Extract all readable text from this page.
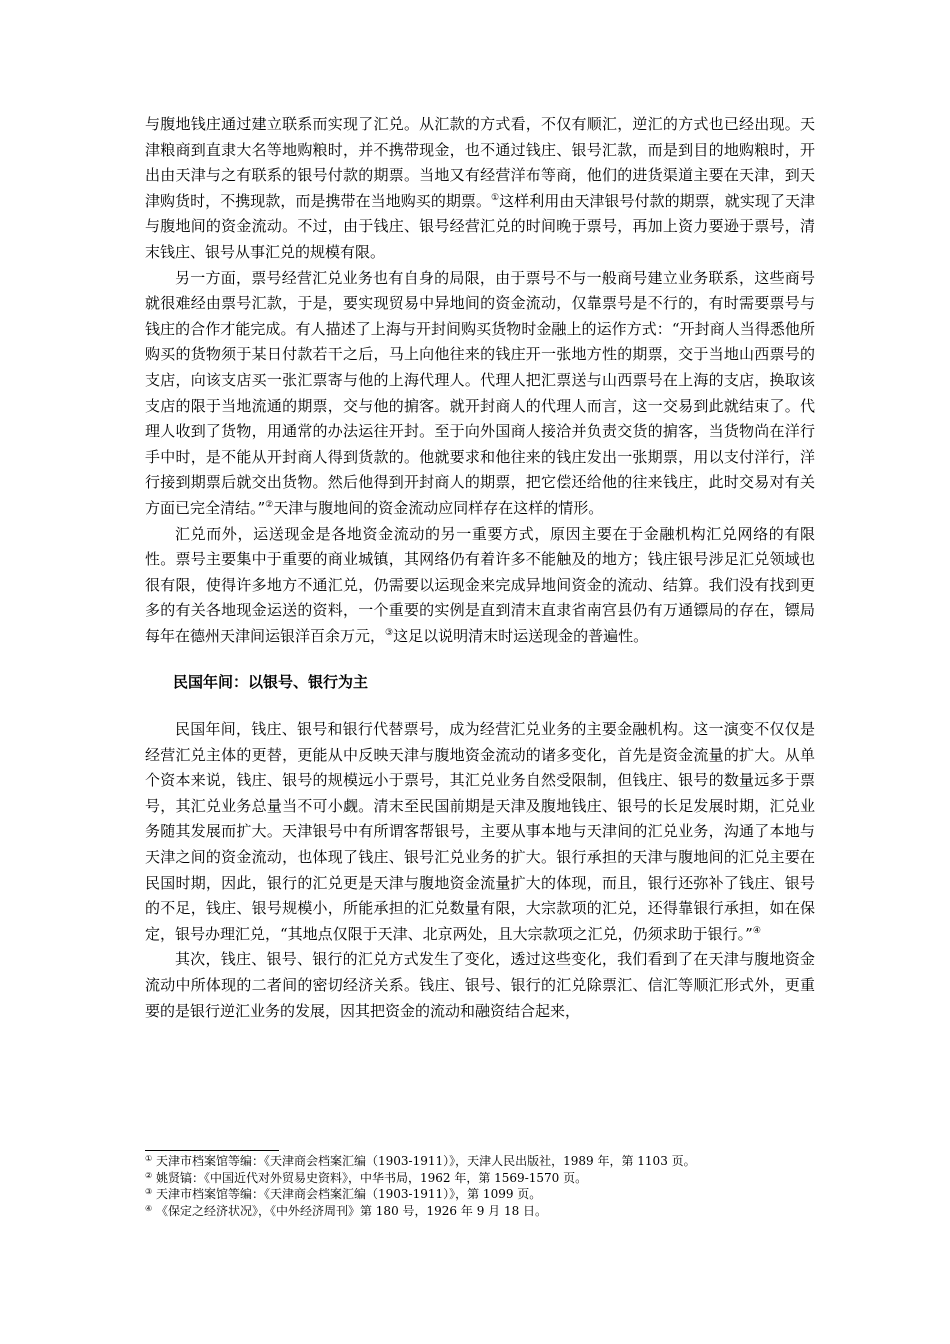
与腹地钱庄通过建立联系而实现了汇兑。从汇款的方式看，不仅有顺汇，逆汇的方式也已经出现。天津粮商到直隶大名等地购粮时，并不携带现金，也不通过钱庄、银号汇款，而是到目的地购粮时，开出由天津与之有联系的银号付款的期票。当地又有经营洋布等商，他们的进货渠道主要在天津，到天津购货时，不携现款，而是携带在当地购买的期票。①这样利用由天津银号付款的期票，就实现了天津与腹地间的资金流动。不过，由于钱庄、银号经营汇兑的时间晚于票号，再加上资力要逊于票号，清末钱庄、银号从事汇兑的规模有限。

另一方面，票号经营汇兑业务也有自身的局限，由于票号不与一般商号建立业务联系，这些商号就很难经由票号汇款，于是，要实现贸易中异地间的资金流动，仅靠票号是不行的，有时需要票号与钱庄的合作才能完成。有人描述了上海与开封间购买货物时金融上的运作方式：“开封商人当得悉他所购买的货物须于某日付款若干之后，马上向他往来的钱庄开一张地方性的期票，交于当地山西票号的支店，向该支店买一张汇票寄与他的上海代理人。代理人把汇票送与山西票号在上海的支店，换取该支店的限于当地流通的期票，交与他的掮客。就开封商人的代理人而言，这一交易到此就结束了。代理人收到了货物，用通常的办法运往开封。至于向外国商人接洽并负责交货的掮客，当货物尚在洋行手中时，是不能从开封商人得到货款的。他就要求和他往来的钱庄发出一张期票，用以支付洋行，洋行接到期票后就交出货物。然后他得到开封商人的期票，把它偿还给他的往来钱庄，此时交易对有关方面已完全清结。”②天津与腹地间的资金流动应同样存在这样的情形。

汇兑而外，运送现金是各地资金流动的另一重要方式，原因主要在于金融机构汇兑网络的有限性。票号主要集中于重要的商业城镇，其网络仍有着许多不能触及的地方；钱庄银号涉足汇兑领域也很有限，使得许多地方不通汇兑，仍需要以运现金来完成异地间资金的流动、结算。我们没有找到更多的有关各地现金运送的资料，一个重要的实例是直到清末直隶省南宫县仍有万通镖局的存在，镖局每年在德州天津间运银洋百余万元，③这足以说明清末时运送现金的普遍性。

民国年间：以银号、银行为主

民国年间，钱庄、银号和银行代替票号，成为经营汇兑业务的主要金融机构。这一演变不仅仅是经营汇兑主体的更替，更能从中反映天津与腹地资金流动的诸多变化，首先是资金流量的扩大。从单个资本来说，钱庄、银号的规模远小于票号，其汇兑业务自然受限制，但钱庄、银号的数量远多于票号，其汇兑业务总量当不可小觑。清末至民国前期是天津及腹地钱庄、银号的长足发展时期，汇兑业务随其发展而扩大。天津银号中有所谓客帮银号，主要从事本地与天津间的汇兑业务，沟通了本地与天津之间的资金流动，也体现了钱庄、银号汇兑业务的扩大。银行承担的天津与腹地间的汇兑主要在民国时期，因此，银行的汇兑更是天津与腹地资金流量扩大的体现，而且，银行还弥补了钱庄、银号的不足，钱庄、银号规模小，所能承担的汇兑数量有限，大宗款项的汇兑，还得靠银行承担，如在保定，银号办理汇兑，“其地点仅限于天津、北京两处，且大宗款项之汇兑，仍须求助于银行。”④

其次，钱庄、银号、银行的汇兑方式发生了变化，透过这些变化，我们看到了在天津与腹地资金流动中所体现的二者间的密切经济关系。钱庄、银号、银行的汇兑除票汇、信汇等顺汇形式外，更重要的是银行逆汇业务的发展，因其把资金的流动和融资结合起来，

① 天津市档案馆等编：《天津商会档案汇编（1903-1911）》，天津人民出版社，1989 年，第 1103 页。

② 姚贤镐：《中国近代对外贸易史资料》，中华书局，1962 年，第 1569-1570 页。

③ 天津市档案馆等编：《天津商会档案汇编（1903-1911）》，第 1099 页。

④ 《保定之经济状况》，《中外经济周刊》第 180 号，1926 年 9 月 18 日。
